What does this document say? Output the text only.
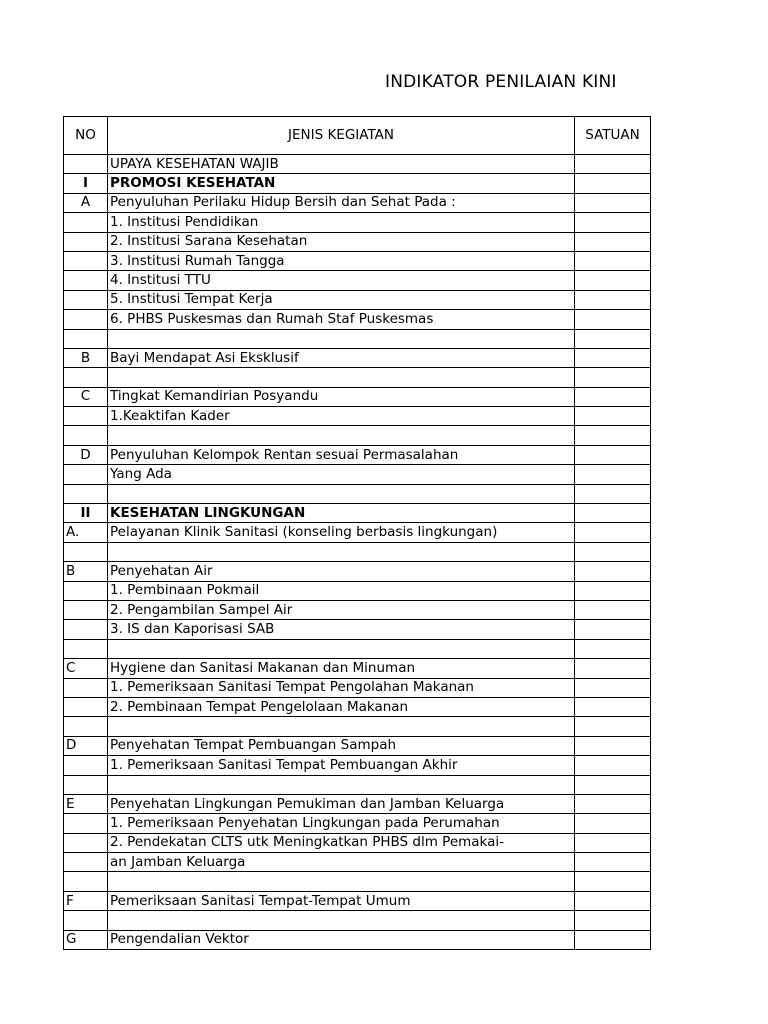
INDIKATOR PENILAIAN KINI
NO	JENIS KEGIATAN	SATUAN
	UPAYA KESEHATAN WAJIB	
I	PROMOSI KESEHATAN	
A	Penyuluhan Perilaku Hidup Bersih dan Sehat Pada :	
	1. Institusi Pendidikan	
	2. Institusi Sarana Kesehatan	
	3. Institusi Rumah Tangga	
	4. Institusi TTU	
	5. Institusi Tempat Kerja	
	6. PHBS Puskesmas dan Rumah Staf Puskesmas	

B	Bayi Mendapat Asi Eksklusif	

C	Tingkat Kemandirian Posyandu	
	1.Keaktifan Kader	

D	Penyuluhan Kelompok Rentan sesuai Permasalahan	
	Yang Ada	

II	KESEHATAN LINGKUNGAN	
A.	Pelayanan Klinik Sanitasi (konseling berbasis lingkungan)	

B	Penyehatan Air	
	1. Pembinaan Pokmail	
	2. Pengambilan Sampel Air	
	3. IS dan Kaporisasi SAB	

C	Hygiene dan Sanitasi Makanan dan Minuman	
	1. Pemeriksaan Sanitasi Tempat Pengolahan Makanan	
	2. Pembinaan Tempat Pengelolaan Makanan	

D	Penyehatan Tempat Pembuangan Sampah	
	1. Pemeriksaan Sanitasi Tempat Pembuangan Akhir	

E	Penyehatan Lingkungan Pemukiman dan Jamban Keluarga	
	1. Pemeriksaan Penyehatan Lingkungan pada Perumahan	
	2. Pendekatan CLTS utk Meningkatkan PHBS dlm Pemakai-	
	an Jamban Keluarga	

F	Pemeriksaan Sanitasi Tempat-Tempat Umum	

G	Pengendalian Vektor	
